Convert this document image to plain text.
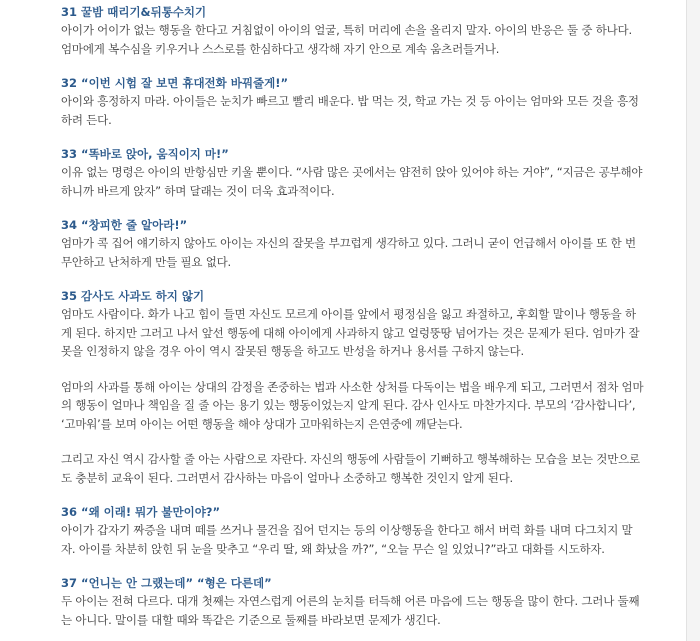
31 꿀밤 때리기&뒤통수치기
아이가 어이가 없는 행동을 한다고 거침없이 아이의 얼굴, 특히 머리에 손을 올리지 말자. 아이의 반응은 둘 중 하나다.
엄마에게 복수심을 키우거나 스스로를 한심하다고 생각해 자기 안으로 계속 움츠러들거나.
32 “이번 시험 잘 보면 휴대전화 바꿔줄게!”
아이와 흥정하지 마라. 아이들은 눈치가 빠르고 빨리 배운다. 밥 먹는 것, 학교 가는 것 등 아이는 엄마와 모든 것을 흥정
하려 든다.
33 “똑바로 앉아, 움직이지 마!”
이유 없는 명령은 아이의 반항심만 키울 뿐이다. “사람 많은 곳에서는 얌전히 앉아 있어야 하는 거야”, “지금은 공부해야
하니까 바르게 앉자” 하며 달래는 것이 더욱 효과적이다.
34 “창피한 줄 알아라!”
엄마가 콕 집어 얘기하지 않아도 아이는 자신의 잘못을 부끄럽게 생각하고 있다. 그러니 굳이 언급해서 아이를 또 한 번
무안하고 난처하게 만들 필요 없다.
35 감사도 사과도 하지 않기
엄마도 사람이다. 화가 나고 힘이 들면 자신도 모르게 아이를 앞에서 평정심을 잃고 좌절하고, 후회할 말이나 행동을 하
게 된다. 하지만 그러고 나서 앞선 행동에 대해 아이에게 사과하지 않고 얼렁뚱땅 넘어가는 것은 문제가 된다. 엄마가 잘
못을 인정하지 않을 경우 아이 역시 잘못된 행동을 하고도 반성을 하거나 용서를 구하지 않는다.
엄마의 사과를 통해 아이는 상대의 감정을 존중하는 법과 사소한 상처를 다독이는 법을 배우게 되고, 그러면서 점차 엄마
의 행동이 얼마나 책임을 질 줄 아는 용기 있는 행동이었는지 알게 된다. 감사 인사도 마찬가지다. 부모의 ‘감사합니다’,
‘고마워’를 보며 아이는 어떤 행동을 해야 상대가 고마워하는지 은연중에 깨닫는다.
그리고 자신 역시 감사할 줄 아는 사람으로 자란다. 자신의 행동에 사람들이 기뻐하고 행복해하는 모습을 보는 것만으로
도 충분히 교육이 된다. 그러면서 감사하는 마음이 얼마나 소중하고 행복한 것인지 알게 된다.
36 “왜 이래! 뭐가 불만이야?”
아이가 갑자기 짜증을 내며 떼를 쓰거나 물건을 집어 던지는 등의 이상행동을 한다고 해서 버럭 화를 내며 다그치지 말
자. 아이를 차분히 앉힌 뒤 눈을 맞추고 “우리 딸, 왜 화났을 까?”, “오늘 무슨 일 있었니?”라고 대화를 시도하자.
37 “언니는 안 그랬는데” “형은 다른데”
두 아이는 전혀 다르다. 대개 첫째는 자연스럽게 어른의 눈치를 터득해 어른 마음에 드는 행동을 많이 한다. 그러나 둘째
는 아니다. 말이를 대할 때와 똑같은 기준으로 둘째를 바라보면 문제가 생긴다.
